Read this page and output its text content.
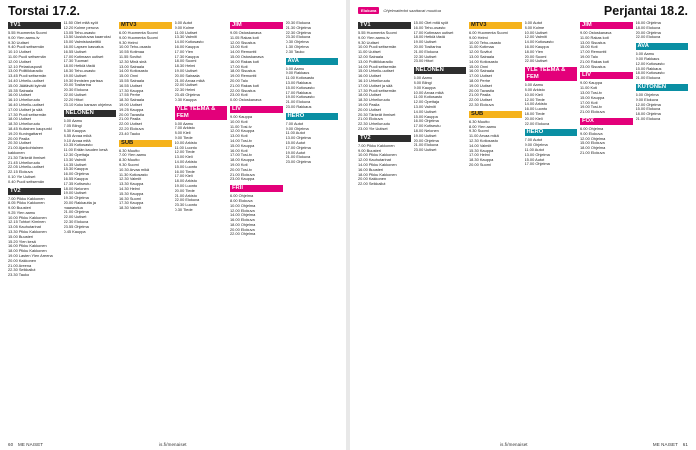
Torstai 17.2.
TV1

5.55 Huomenta Suomi

9.00 Ylen aamu-tv

9.30 Uutiset

9.40 Puoli seitsemän

10.10 Uutiset

11.00 Puoli seitsemän

12.00 Uutiset

12.10 Pelastusposti

13.00 Politiikkaradio

13.45 Puoli seitsemän

14.40 Urheilu-uutiset

15.00 Jäätävät kylmät

15.35 Sairaala

16.00 Uutiset

16.10 Urheiluruutu

16.40 Urheilu-uutiset

17.00 Uutiset ja sää

17.30 Puoli seitsemän

18.00 Uutiset

18.30 Urheiluruutu

18.45 Kultainen kaupunki

19.20 Kuningattaret

20.00 Pasila

20.30 Uutiset

21.00 Ajankohtainen kakkonen

21.30 Tärkeät ihmiset

21.45 Urheiluruutu

22.05 Urheilu-uutiset

22.15 Elokuva

0.10 Yle Uutiset

0.40 Puoli seitsemän

TV2

7.00 Pikku Kakkonen

8.05 Pikku Kakkonen

9.00 Buusteri

9.25 Ylen aamu

10.00 Pikku Kakkonen

12.15 Tohtori Kiminen

13.05 Kauhutarinat

13.30 Pikku Kakkonen

15.00 Buusteri

15.20 Ylen kesä

16.00 Pikku Kakkonen

18.00 Pikku Kakkonen

19.00 Lasten Ylen Areena

20.00 Kakkonen

21.00 Areena

22.30 Seikkailut

23.30 Tauko

11.50 Olet mitä syöt

12.20 Kolme peruna

13.05 Teho-osasto

13.50 Uusiutuvaa kaarroksi

15.00 Valmistuskeittiö

16.00 Lapsen kasvatus

16.55 Uutiset

17.00 Kotimaan uutiset

17.30 Tuomari

18.00 Hetkiä tästä

18.30 Teho-osasto

19.00 Uutiset

19.30 Ihmisten parissa

20.00 Tositarina

20.30 Elokuva

22.00 Uutiset

22.20 Hitori

23.10 Koko kansan ohjelma

NELONEN

6.00 Aamu

7.05 Blingi

8.30 Kauppa

8.55 Arvaa mikä

9.10 Arvaa mitä

10.35 Kotiosasto

11.00 Erään kauden kesä

12.30 Opettaja

13.30 Valmiit

14.35 Uutiset

15.30 Kauppa

16.00 Ohjelma

16.55 Kauppa

17.35 Kotiseutu

18.00 Nelonen

19.00 Uutiset

19.30 Ohjelma

20.00 Rakkautta ja maaseutua

21.00 Ohjelma

22.00 Uutiset

22.30 Elokuva

23.55 Ohjelma

0.45 Kauppa

MTV3

6.00 Huomenta Suomi

9.00 Huomenta Suomi

9.30 Helmi

10.00 Teho-osasto

10.55 Kotimaa

11.55 Sovitut

12.30 Minä sinä

13.00 Sairaala

14.00 Kotiosasto

15.00 Onni

15.55 Sairaala

16.55 Uutiset

17.30 Kauppa

17.55 Perhe

18.30 Sairaala

19.00 Uutiset

19.25 Kauppa

20.00 Tavastia

21.00 Pasila

22.00 Uutiset

22.20 Elokuva

23.40 Tauko

SUB

6.30 Muutto

7.00 Ylen aamu

8.30 Muutto

9.30 Suomi

10.30 Arvaa mikä

11.30 Kotiosasto

12.30 Valmiit

13.30 Kauppa

14.30 Helmi

15.30 Kauppa

16.30 Suomi

17.30 Kauppa

18.30 Valmiit

6.00 Autot

9.00 Kolme

11.00 Uutiset

13.30 Valmiit

14.00 Kotiosasto

16.00 Kauppa

17.00 Ylen

17.30 Kauppa

18.00 Suomi

18.30 Helmi

19.00 Uutiset

20.00 Sairaala

21.00 Arvaa mikä

22.00 Uutiset

22.30 Helmi

23.45 Ohjelma

0.30 Kauppa

YLE TEEMA & FEM

6.00 Aamu

7.00 Arkisto

8.00 Kieli

9.00 Tiede

10.00 Arkisto

11.00 Luonto

12.00 Tiede

13.00 Kieli

14.00 Arkisto

15.00 Luonto

16.00 Tiede

17.00 Kieli

18.00 Arkisto

19.00 Luonto

20.00 Tiede

21.00 Arkisto

22.00 Elokuva

23.30 Luonto

0.30 Tiede

JIM

9.05 Ostoskanava

11.05 Rakas koti

12.00 Sisustus

13.00 Koti

14.00 Remontti

15.00 Ostoskanava

16.00 Rakas koti

17.00 Koti

18.00 Sisustus

19.00 Remontti

20.00 Talo

21.00 Rakas koti

22.00 Sisustus

23.00 Koti

0.00 Ostoskanava

LIV

9.00 Kauppa

10.00 Koti

11.00 Tosi-tv

12.00 Kauppa

13.00 Koti

14.00 Tosi-tv

15.00 Kauppa

16.00 Koti

17.00 Tosi-tv

18.00 Kauppa

19.00 Koti

20.00 Tosi-tv

21.00 Elokuva

23.00 Kauppa

FRII

6.00 Ohjelma

8.00 Elokuva

10.00 Ohjelma

12.00 Elokuva

14.00 Ohjelma

16.00 Elokuva

18.00 Ohjelma

20.00 Elokuva

22.00 Ohjelma

20.30 Elokuva

21.30 Ohjelma

22.30 Ohjelma

23.30 Elokuva

0.30 Ohjelma

1.30 Ohjelma

2.30 Tauko

AVA

6.00 Aamu

9.00 Rakkaus

11.00 Kotiosasto

13.00 Rakkaus

15.00 Kotiosasto

17.00 Rakkaus

19.00 Kotiosasto

21.00 Elokuva

23.00 Rakkaus

HERO

7.00 Autot

9.00 Ohjelma

11.00 Autot

13.00 Ohjelma

15.00 Autot

17.00 Ohjelma

19.00 Autot

21.00 Elokuva

23.00 Ohjelma

60 ME NAISET	is.fi/menaiset
Elokuva	Ohjelmatiedot saattavat muuttua	Perjantai 18.2.
TV1

5.55 Huomenta Suomi

9.00 Ylen aamu-tv

9.30 Uutiset

10.00 Puoli seitsemän

11.00 Uutiset

12.00 Sairaala

13.00 Politiikkaradio

14.00 Puoli seitsemän

15.00 Urheilu-uutiset

16.00 Uutiset

16.10 Urheiluruutu

17.00 Uutiset ja sää

17.30 Puoli seitsemän

18.00 Uutiset

18.30 Urheiluruutu

19.00 Pasila

20.00 Uutiset

20.30 Tärkeät ihmiset

21.00 Elokuva

22.30 Urheiluruutu

23.00 Yle Uutiset

TV2

7.00 Pikku Kakkonen

9.00 Buusteri

10.00 Pikku Kakkonen

12.00 Kauhutarinat

14.00 Pikku Kakkonen

16.00 Buusteri

18.00 Pikku Kakkonen

20.00 Kakkonen

22.00 Seikkailut

15.00 Olet mitä syöt

16.00 Teho-osasto

17.00 Kotimaan uutiset

18.00 Hetkiä tästä

19.00 Uutiset

20.00 Tositarina

21.00 Elokuva

22.30 Uutiset

23.00 Hitori

NELONEN

6.00 Aamu

8.00 Blingi

9.00 Kauppa

10.00 Arvaa mikä

11.00 Kotiosasto

12.00 Opettaja

13.00 Valmiit

14.00 Uutiset

15.00 Kauppa

16.00 Ohjelma

17.00 Kotiseutu

18.00 Nelonen

19.00 Uutiset

20.00 Ohjelma

21.00 Elokuva

23.00 Uutiset

MTV3

6.00 Huomenta Suomi

9.00 Helmi

10.00 Teho-osasto

11.00 Kotimaa

12.00 Sovitut

13.00 Sairaala

14.00 Kotiosasto

15.00 Onni

16.00 Sairaala

17.00 Uutiset

18.00 Perhe

19.00 Uutiset

20.00 Tavastia

21.00 Pasila

22.00 Uutiset

22.30 Elokuva

SUB

6.30 Muutto

8.00 Ylen aamu

9.30 Suomi

11.00 Arvaa mikä

12.30 Kotiosasto

14.00 Valmiit

15.30 Kauppa

17.00 Helmi

18.30 Kauppa

20.00 Suomi

6.00 Autot

8.00 Kolme

10.00 Uutiset

12.00 Valmiit

14.00 Kotiosasto

16.00 Kauppa

18.00 Ylen

20.00 Suomi

22.00 Uutiset

YLE TEEMA & FEM

6.00 Aamu

8.00 Arkisto

10.00 Kieli

12.00 Tiede

14.00 Arkisto

16.00 Luonto

18.00 Tiede

20.00 Kieli

22.00 Elokuva

HERO

7.00 Autot

9.00 Ohjelma

11.00 Autot

13.00 Ohjelma

15.00 Autot

17.00 Ohjelma

JIM

9.00 Ostoskanava

11.00 Rakas koti

13.00 Sisustus

15.00 Koti

17.00 Remontti

19.00 Talo

21.00 Rakas koti

23.00 Sisustus

LIV

9.00 Kauppa

11.00 Koti

13.00 Tosi-tv

15.00 Kauppa

17.00 Koti

19.00 Tosi-tv

21.00 Elokuva

FOX

6.00 Ohjelma

9.00 Elokuva

12.00 Ohjelma

15.00 Elokuva

18.00 Ohjelma

21.00 Elokuva

16.00 Ohjelma

18.00 Elokuva

20.00 Ohjelma

22.00 Elokuva

AVA

6.00 Aamu

9.00 Rakkaus

12.00 Kotiosasto

15.00 Rakkaus

18.00 Kotiosasto

21.00 Elokuva

KUTONEN

6.00 Ohjelma

9.00 Elokuva

12.00 Ohjelma

15.00 Elokuva

18.00 Ohjelma

21.00 Elokuva

is.fi/menaiset	ME NAISET 61
